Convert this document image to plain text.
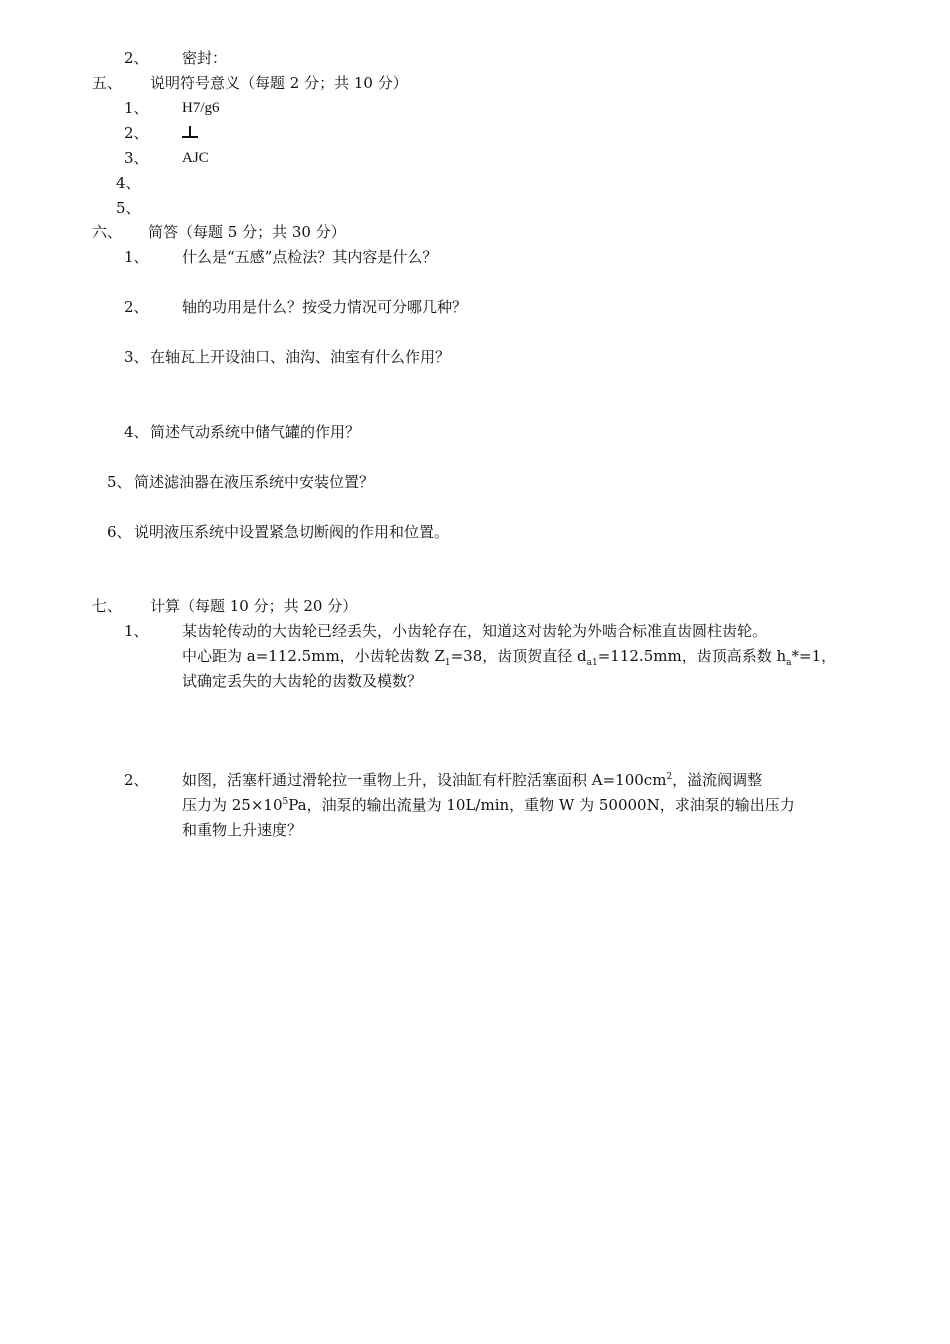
2、 密封：
五、 说明符号意义（每题 2 分；共 10 分）
1、 H7/g6
2、
3、 AJC
4、
5、
六、 简答（每题 5 分；共 30 分）
1、 什么是“五感”点检法？其内容是什么？
2、 轴的功用是什么？按受力情况可分哪几种？
3、 在轴瓦上开设油口、油沟、油室有什么作用？
4、 简述气动系统中储气罐的作用？
5、 简述滤油器在液压系统中安装位置？
6、 说明液压系统中设置紧急切断阀的作用和位置。
七、 计算（每题 10 分；共 20 分）
1、 某齿轮传动的大齿轮已经丢失，小齿轮存在，知道这对齿轮为外啮合标准直齿圆柱齿轮。
中心距为 a=112.5mm，小齿轮齿数 $Z_1=38$，齿顶贺直径 $d_{a1}=112.5mm$，齿顶高系数 $h_a*=1$，
试确定丢失的大齿轮的齿数及模数？
2、 如图，活塞杆通过滑轮拉一重物上升，设油缸有杆腔活塞面积 $A=100cm^2$，溢流阀调整
压力为 $25\times 10^5Pa$，油泵的输出流量为 10L/min，重物 W 为 50000N，求油泵的输出压力
和重物上升速度？
